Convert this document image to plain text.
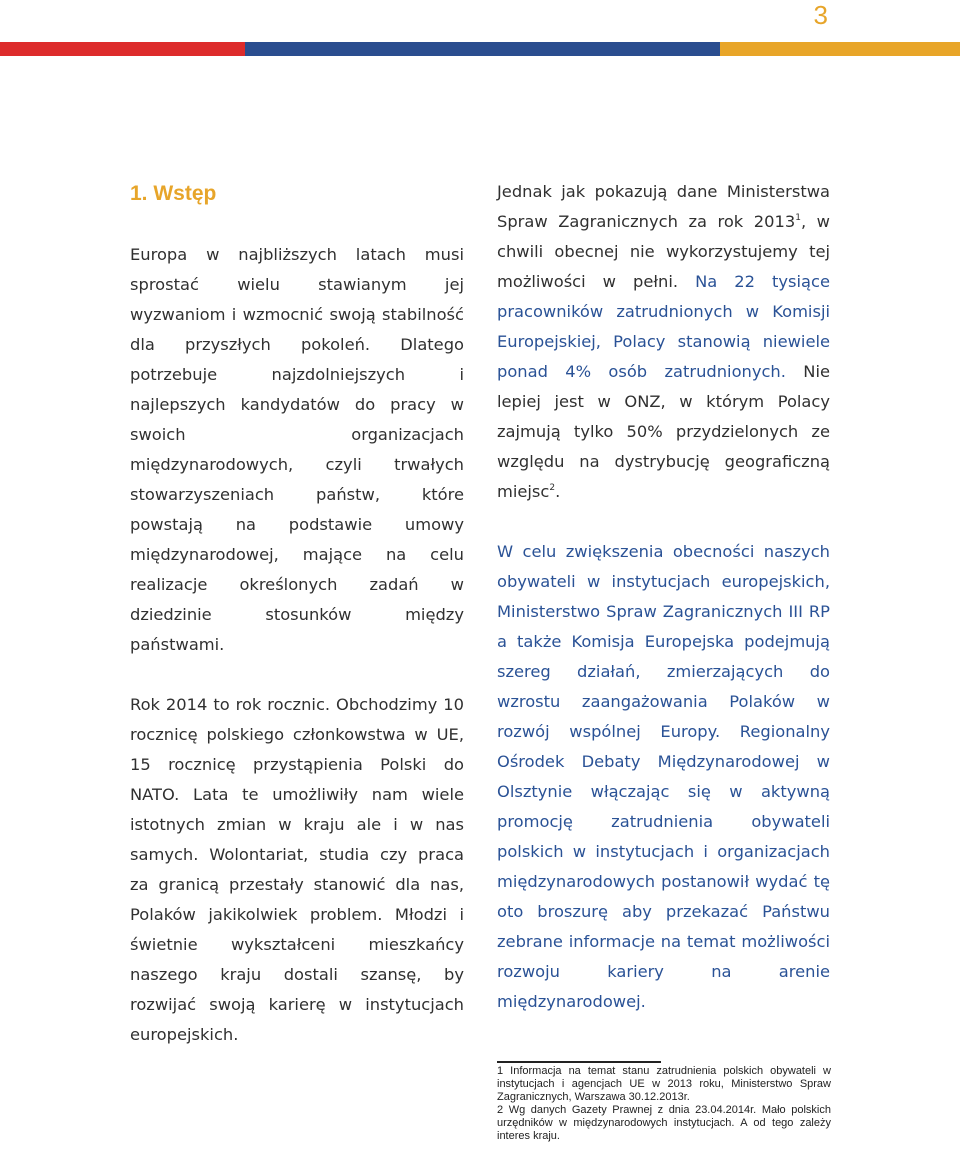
3
1. Wstęp

Europa w najbliższych latach musi sprostać wielu stawianym jej wyzwaniom i wzmocnić swoją stabilność dla przyszłych pokoleń. Dlatego potrzebuje najzdolniejszych i najlepszych kandydatów do pracy w swoich organizacjach międzynarodowych, czyli trwałych stowarzyszeniach państw, które powstają na podstawie umowy międzynarodowej, mające na celu realizacje określonych zadań w dziedzinie stosunków między państwami.

Rok 2014 to rok rocznic. Obchodzimy 10 rocznicę polskiego członkowstwa w UE, 15 rocznicę przystąpienia Polski do NATO. Lata te umożliwiły nam wiele istotnych zmian w kraju ale i w nas samych. Wolontariat, studia czy praca za granicą przestały stanowić dla nas, Polaków jakikolwiek problem. Młodzi i świetnie wykształceni mieszkańcy naszego kraju dostali szansę, by rozwijać swoją karierę w instytucjach europejskich.

Jednak jak pokazują dane Ministerstwa Spraw Zagranicznych za rok 2013$^1$, w chwili obecnej nie wykorzystujemy tej możliwości w pełni. Na 22 tysiące pracowników zatrudnionych w Komisji Europejskiej, Polacy stanowią niewiele ponad 4% osób zatrudnionych. Nie lepiej jest w ONZ, w którym Polacy zajmują tylko 50% przydzielonych ze względu na dystrybucję geograficzną miejsc$^2$.

W celu zwiększenia obecności naszych obywateli w instytucjach europejskich, Ministerstwo Spraw Zagranicznych III RP a także Komisja Europejska podejmują szereg działań, zmierzających do wzrostu zaangażowania Polaków w rozwój wspólnej Europy. Regionalny Ośrodek Debaty Międzynarodowej w Olsztynie włączając się w aktywną promocję zatrudnienia obywateli polskich w instytucjach i organizacjach międzynarodowych postanowił wydać tę oto broszurę aby przekazać Państwu zebrane informacje na temat możliwości rozwoju kariery na arenie międzynarodowej.

1 Informacja na temat stanu zatrudnienia polskich obywateli w instytucjach i agencjach UE w 2013 roku, Ministerstwo Spraw Zagranicznych, Warszawa 30.12.2013r.

2 Wg danych Gazety Prawnej z dnia 23.04.2014r. Mało polskich urzędników w międzynarodowych instytucjach. A od tego zależy interes kraju.
